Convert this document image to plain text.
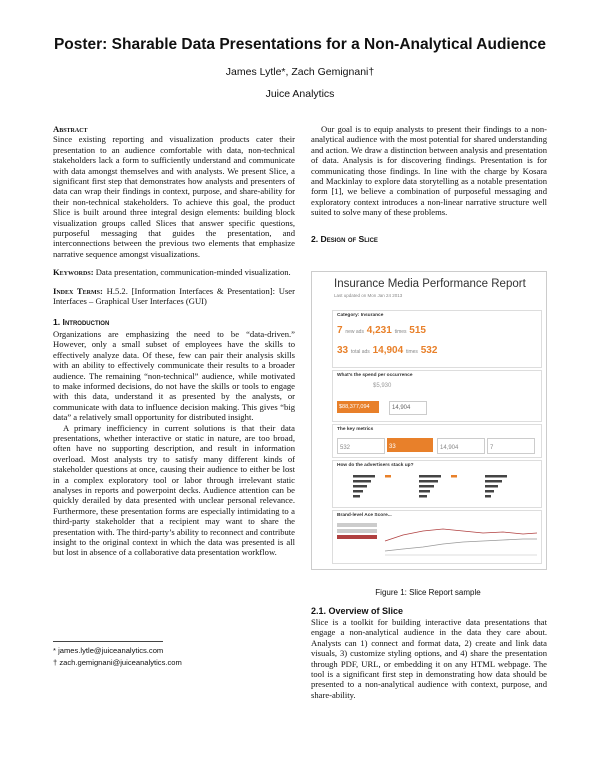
Poster: Sharable Data Presentations for a Non-Analytical Audience
James Lytle*, Zach Gemignani†
Juice Analytics

Abstract
Since existing reporting and visualization products cater their presentation to an audience comfortable with data, non-technical stakeholders lack a form to sufficiently understand and communicate with data amongst themselves and with analysts. We present Slice, a significant first step that demonstrates how analysts and presenters of data can wrap their findings in context, purpose, and share-ability for their non-technical stakeholders. To achieve this goal, the product Slice is built around three integral design elements: building block visualization groups called Slices that answer specific questions, purposeful messaging that guides the presentation, and interconnections between the previous two elements that emphasize narrative sequence amongst visualizations.

Keywords: Data presentation, communication-minded visualization.

Index Terms: H.5.2. [Information Interfaces & Presentation]: User Interfaces – Graphical User Interfaces (GUI)

1. Introduction

Organizations are emphasizing the need to be “data-driven.” However, only a small subset of employees have the skills to effectively analyze data. Of these, few can pair their analysis skills with an ability to effectively communicate their results to a broader audience. The remaining “non-technical” audience, while motivated to make informed decisions, do not have the skills or tools to engage with this data, understand it as presented by the analysts, or communicate with data to influence decision making. This gives “big data” a relatively small opportunity for distributed insight.

A primary inefficiency in current solutions is that their data presentations, whether interactive or static in nature, are too broad, often have no supporting description, and result in information overload. Most analysts try to satisfy many different kinds of stakeholder questions at once, causing their audience to either be lost in a complex exploratory tool or labor through irrelevant static analyses in reports and powerpoint decks. Audience attention can be quickly derailed by data presented with unclear personal relevance. Furthermore, these presentation forms are especially intimidating to a third-party stakeholder that a recipient may want to share the presentation with. The third-party’s ability to reconnect and contribute insight to the original context in which the data was presented is all but lost in absence of a collaborative data presentation workflow.

* james.lytle@juiceanalytics.com
† zach.gemignani@juiceanalytics.com

Our goal is to equip analysts to present their findings to a non-analytical audience with the most potential for shared understanding and action. We draw a distinction between analysis and presentation of data. Analysis is for discovering findings. Presentation is for communicating those findings. In line with the charge by Kosara and Mackinlay to explore data storytelling as a notable presentation form [1], we believe a combination of purposeful messaging and exploratory context introduces a non-linear narrative structure well suited to solve many of these problems.

2. Design of Slice
Insurance Media Performance Report
Last updated on Mon Jan 24 2013
Category: Insurance
7 new ads 4,231 times 515
33 total ads 14,904 times 532
What's the spend per occurrence
$5,930
$88,377,094	14,904
The key metrics
532	33	14,904	7
How do the advertisers stack up?
Brand-level Ace Score...
Figure 1: Slice Report sample
2.1. Overview of Slice
Slice is a toolkit for building interactive data presentations that engage a non-analytical audience in the data they care about. Analysts can 1) connect and format data, 2) create and link data visuals, 3) customize styling options, and 4) share the presentation through PDF, URL, or embedding it on any HTML webpage. The tool is a significant first step in demonstrating how data should be presented to a non-analytical audience with context, purpose, and share-ability.
